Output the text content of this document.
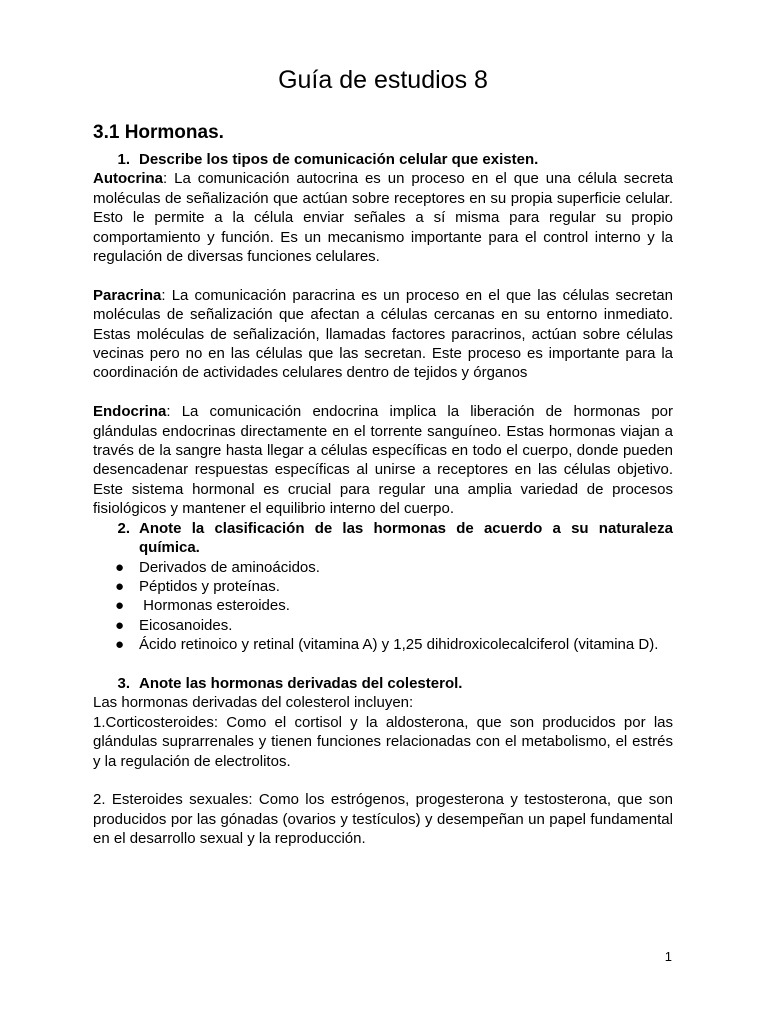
Guía de estudios 8
3.1 Hormonas.
1. Describe los tipos de comunicación celular que existen.

Autocrina: La comunicación autocrina es un proceso en el que una célula secreta moléculas de señalización que actúan sobre receptores en su propia superficie celular. Esto le permite a la célula enviar señales a sí misma para regular su propio comportamiento y función. Es un mecanismo importante para el control interno y la regulación de diversas funciones celulares.

Paracrina: La comunicación paracrina es un proceso en el que las células secretan moléculas de señalización que afectan a células cercanas en su entorno inmediato. Estas moléculas de señalización, llamadas factores paracrinos, actúan sobre células vecinas pero no en las células que las secretan. Este proceso es importante para la coordinación de actividades celulares dentro de tejidos y órganos

Endocrina: La comunicación endocrina implica la liberación de hormonas por glándulas endocrinas directamente en el torrente sanguíneo. Estas hormonas viajan a través de la sangre hasta llegar a células específicas en todo el cuerpo, donde pueden desencadenar respuestas específicas al unirse a receptores en las células objetivo. Este sistema hormonal es crucial para regular una amplia variedad de procesos fisiológicos y mantener el equilibrio interno del cuerpo.

2. Anote la clasificación de las hormonas de acuerdo a su naturaleza química.
● Derivados de aminoácidos.
● Péptidos y proteínas.
● Hormonas esteroides.
● Eicosanoides.
● Ácido retinoico y retinal (vitamina A) y 1,25 dihidroxicolecalciferol (vitamina D).
3. Anote las hormonas derivadas del colesterol.

Las hormonas derivadas del colesterol incluyen:

1.Corticosteroides: Como el cortisol y la aldosterona, que son producidos por las glándulas suprarrenales y tienen funciones relacionadas con el metabolismo, el estrés y la regulación de electrolitos.

2. Esteroides sexuales: Como los estrógenos, progesterona y testosterona, que son producidos por las gónadas (ovarios y testículos) y desempeñan un papel fundamental en el desarrollo sexual y la reproducción.

1
